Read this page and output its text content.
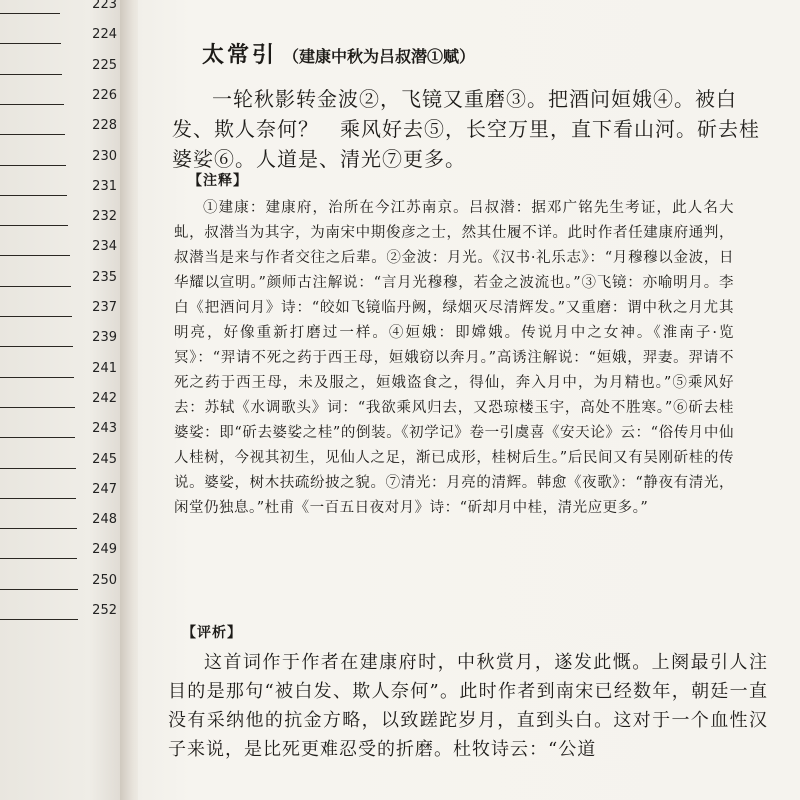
223
224
225
226
228
230
231
232
234
235
237
239
241
242
243
245
247
248
249
250
252
太常引 （建康中秋为吕叔潜①赋）

一轮秋影转金波②，飞镜又重磨③。把酒问姮娥④。被白发、欺人奈何？　乘风好去⑤，长空万里，直下看山河。斫去桂婆娑⑥。人道是、清光⑦更多。

【注释】

①建康：建康府，治所在今江苏南京。吕叔潜：据邓广铭先生考证，此人名大虬，叔潜当为其字，为南宋中期俊彦之士，然其仕履不详。此时作者任建康府通判，叔潜当是来与作者交往之后辈。②金波：月光。《汉书·礼乐志》：“月穆穆以金波，日华耀以宣明。”颜师古注解说：“言月光穆穆，若金之波流也。”③飞镜：亦喻明月。李白《把酒问月》诗：“皎如飞镜临丹阙，绿烟灭尽清辉发。”又重磨：谓中秋之月尤其明亮，好像重新打磨过一样。④姮娥：即嫦娥。传说月中之女神。《淮南子·览冥》：“羿请不死之药于西王母，姮娥窃以奔月。”高诱注解说：“姮娥，羿妻。羿请不死之药于西王母，未及服之，姮娥盗食之，得仙，奔入月中，为月精也。”⑤乘风好去：苏轼《水调歌头》词：“我欲乘风归去，又恐琼楼玉宇，高处不胜寒。”⑥斫去桂婆娑：即“斫去婆娑之桂”的倒装。《初学记》卷一引虞喜《安天论》云：“俗传月中仙人桂树，今视其初生，见仙人之足，渐已成形，桂树后生。”后民间又有吴刚斫桂的传说。婆娑，树木扶疏纷披之貌。⑦清光：月亮的清辉。韩愈《夜歌》：“静夜有清光，闲堂仍独息。”杜甫《一百五日夜对月》诗：“斫却月中桂，清光应更多。”

【评析】

这首词作于作者在建康府时，中秋赏月，遂发此慨。上阕最引人注目的是那句“被白发、欺人奈何”。此时作者到南宋已经数年，朝廷一直没有采纳他的抗金方略，以致蹉跎岁月，直到头白。这对于一个血性汉子来说，是比死更难忍受的折磨。杜牧诗云：“公道
